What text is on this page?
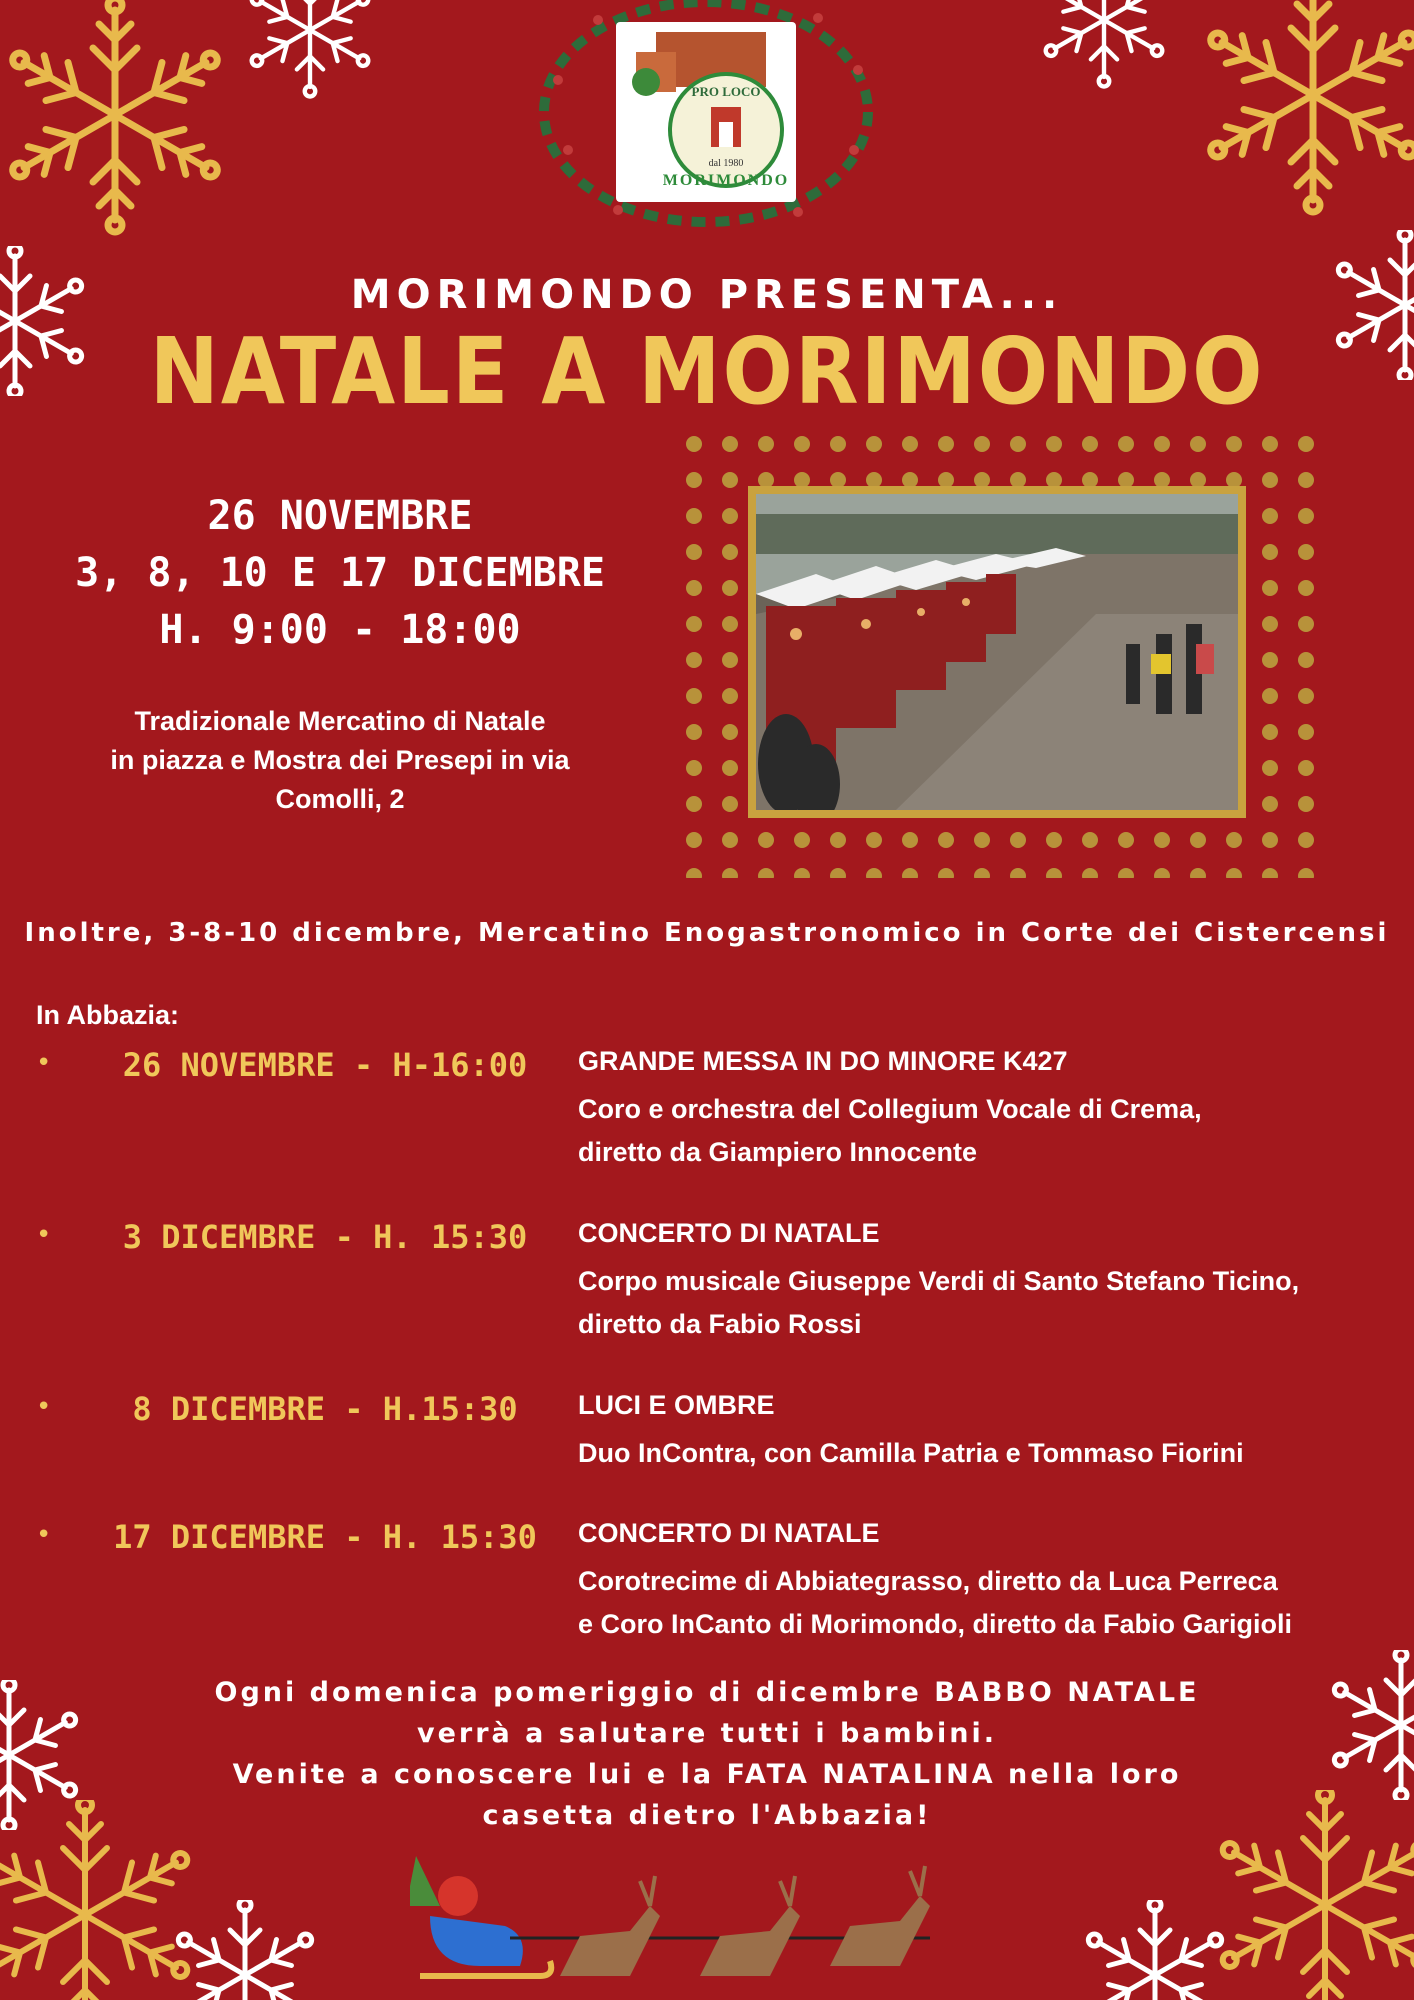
PRO LOCO
dal 1980
MORIMONDO
MORIMONDO PRESENTA...
NATALE A MORIMONDO
26 NOVEMBRE
3, 8, 10 E 17 DICEMBRE
H. 9:00 - 18:00
Tradizionale Mercatino di Natale
in piazza e Mostra dei Presepi in via
Comolli, 2
Inoltre, 3-8-10 dicembre, Mercatino Enogastronomico in Corte dei Cistercensi
In Abbazia:
•	26 NOVEMBRE - H-16:00	GRANDE MESSA IN DO MINORE K427
Coro e orchestra del Collegium Vocale di Crema,
diretto da Giampiero Innocente
•	3 DICEMBRE - H. 15:30	CONCERTO DI NATALE
Corpo musicale Giuseppe Verdi di Santo Stefano Ticino,
diretto da Fabio Rossi
•	8 DICEMBRE - H.15:30	LUCI E OMBRE
Duo InContra, con Camilla Patria e Tommaso Fiorini
•	17 DICEMBRE - H. 15:30	CONCERTO DI NATALE
Corotrecime di Abbiategrasso, diretto da Luca Perreca
e Coro InCanto di Morimondo, diretto da Fabio Garigioli
Ogni domenica pomeriggio di dicembre BABBO NATALE
verrà a salutare tutti i bambini.
Venite a conoscere lui e la FATA NATALINA nella loro
casetta dietro l'Abbazia!
